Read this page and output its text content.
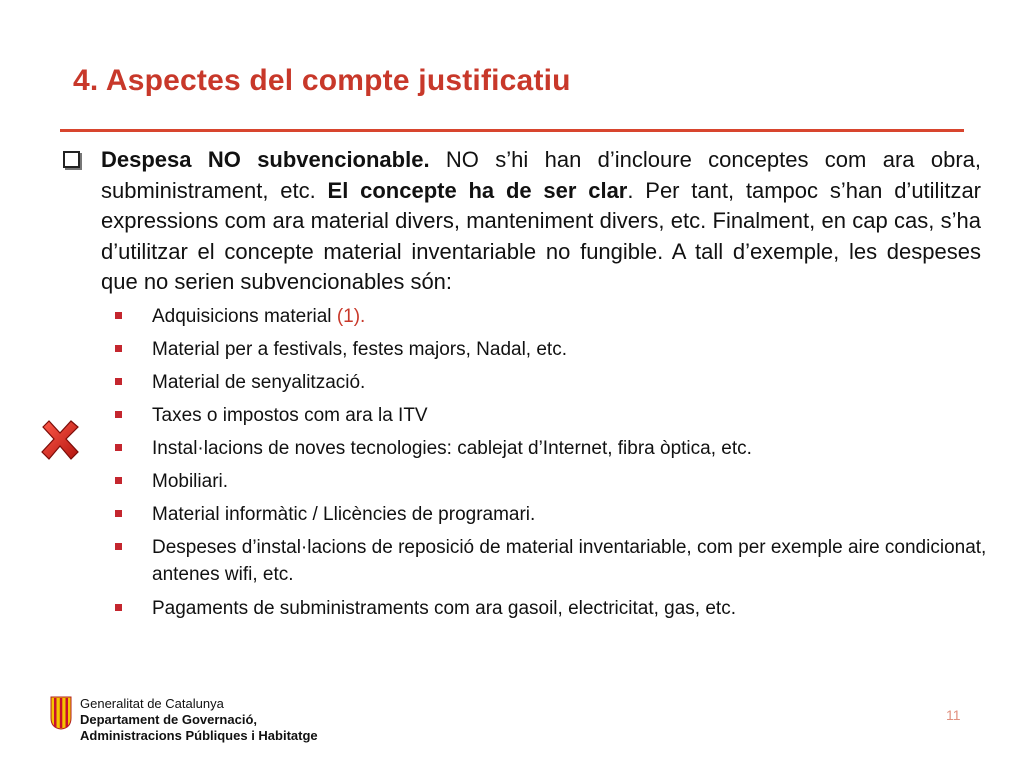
4. Aspectes del compte justificatiu

Despesa NO subvencionable. NO s’hi han d’incloure conceptes com ara obra, subministrament, etc. El concepte ha de ser clar. Per tant, tampoc s’han d’utilitzar expressions com ara material divers, manteniment divers, etc. Finalment, en cap cas, s’ha d’utilitzar el concepte material inventariable no fungible. A tall d’exemple, les despeses que no serien subvencionables són:

Adquisicions material (1).
Material per a festivals, festes majors, Nadal, etc.
Material de senyalització.
Taxes o impostos com ara la ITV
Instal·lacions de noves tecnologies: cablejat d’Internet, fibra òptica, etc.
Mobiliari.
Material informàtic / Llicències de programari.
Despeses d’instal·lacions de reposició de material inventariable, com per exemple aire condicionat, antenes wifi, etc.
Pagaments de subministraments com ara gasoil, electricitat, gas, etc.
Generalitat de Catalunya
Departament de Governació,
Administracions Públiques i Habitatge
11
